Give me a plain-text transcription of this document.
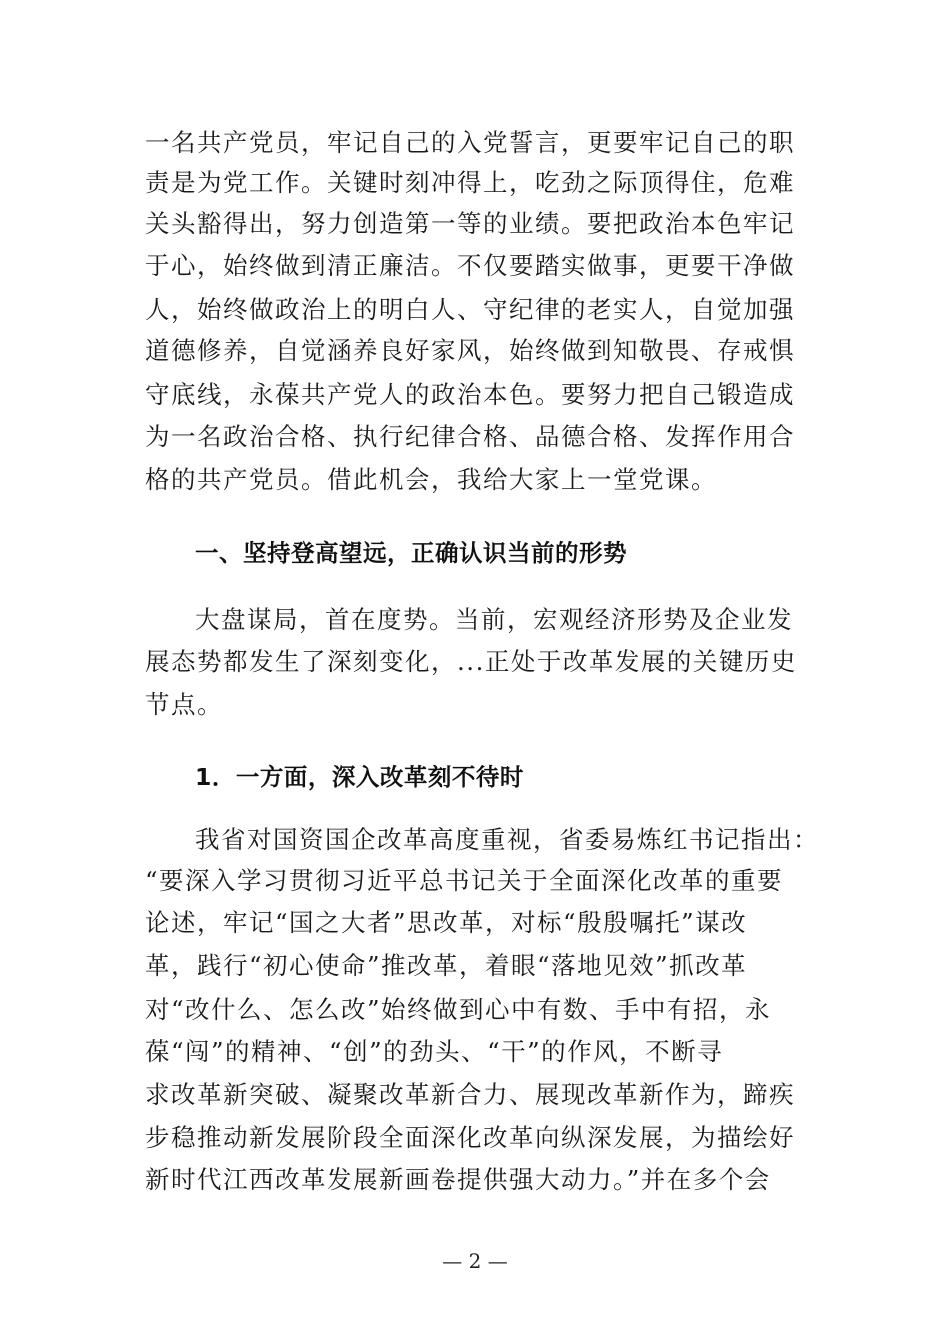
一名共产党员，牢记自己的入党誓言，更要牢记自己的职
责是为党工作。关键时刻冲得上，吃劲之际顶得住，危难
关头豁得出，努力创造第一等的业绩。要把政治本色牢记
于心，始终做到清正廉洁。不仅要踏实做事，更要干净做
人，始终做政治上的明白人、守纪律的老实人，自觉加强
道德修养，自觉涵养良好家风，始终做到知敬畏、存戒惧
守底线，永葆共产党人的政治本色。要努力把自己锻造成
为一名政治合格、执行纪律合格、品德合格、发挥作用合
格的共产党员。借此机会，我给大家上一堂党课。
一、坚持登高望远，正确认识当前的形势
大盘谋局，首在度势。当前，宏观经济形势及企业发
展态势都发生了深刻变化，...正处于改革发展的关键历史
节点。
1．一方面，深入改革刻不待时
我省对国资国企改革高度重视，省委易炼红书记指出：
“要深入学习贯彻习近平总书记关于全面深化改革的重要
论述，牢记“国之大者”思改革，对标“殷殷嘱托”谋改
革，践行“初心使命”推改革，着眼“落地见效”抓改革
对“改什么、怎么改”始终做到心中有数、手中有招，永
葆“闯”的精神、“创”的劲头、“干”的作风，不断寻
求改革新突破、凝聚改革新合力、展现改革新作为，蹄疾
步稳推动新发展阶段全面深化改革向纵深发展，为描绘好
新时代江西改革发展新画卷提供强大动力。”并在多个会
— 2 —
